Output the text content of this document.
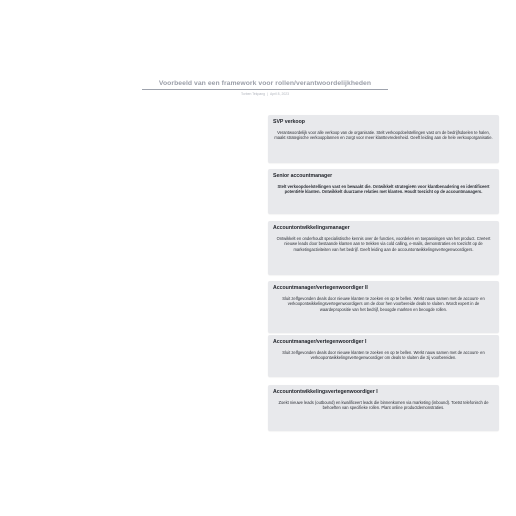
Voorbeeld van een framework voor rollen/verantwoordelijkheden
Torben Tekpang | April 8, 2023
SVP verkoop
Verantwoordelijk voor alle verkoop van de organisatie. Stelt verkoopdoelstellingen vast om de bedrijfsdoelen te halen, maakt strategische verkoopplannen en zorgt voor meer klanttevredenheid. Geeft leiding aan de hele verkooporganisatie.
Senior accountmanager
Stelt verkoopdoelstellingen vast en bewaakt die. Ontwikkelt strategieën voor klantbenadering en identificeert potentiële klanten. Ontwikkelt duurzame relaties met klanten. Houdt toezicht op de accountmanagers.
Accountontwikkelingsmanager
Ontwikkelt en onderhoudt specialistische kennis over de functies, voordelen en toepassingen van het product. Creëert nieuwe leads door bestaande klanten aan te trekken via cold calling, e-mails, demonstraties en toezicht op de marketingactiviteiten van het bedrijf. Geeft leiding aan de accountontwikkelingsvertegenwoordigers.
Accountmanager/vertegenwoordiger II
Sluit zelfgevonden deals door nieuwe klanten te zoeken en op te bellen. Werkt nauw samen met de account- en verkoopontwikkelingsvertegenwoordigers om de door hen voorbereide deals te sluiten. Wordt expert in de waardepropositie van het bedrijf, beoogde markten en beoogde rollen.
Accountmanager/vertegenwoordiger I
Sluit zelfgevonden deals door nieuwe klanten te zoeken en op te bellen. Werkt nauw samen met de account- en verkoopontwikkelingsvertegenwoordiger om deals te sluiten die zij voorbereiden.
Accountontwikkelingsvertegenwoordiger I
Zoekt nieuwe leads (outbound) en kwalificeert leads die binnenkomen via marketing (inbound). Toetst telefonisch de behoeften van specifieke rollen. Plant online productdemonstraties.
